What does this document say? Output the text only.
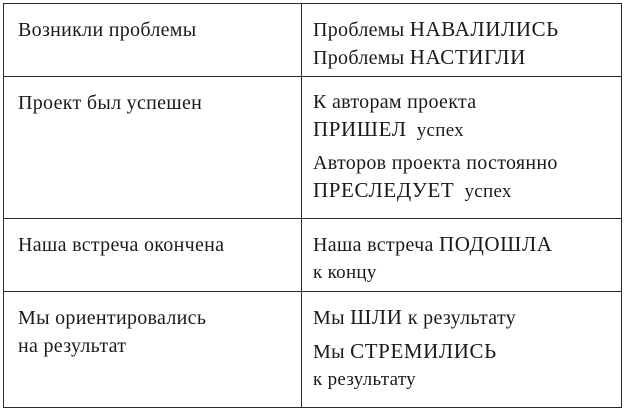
Возникли проблемы	Проблемы НАВАЛИЛИСЬ
Проблемы НАСТИГЛИ

Проект был успешен	К авторам проекта
ПРИШЕЛ  успех
Авторов проекта постоянно
ПРЕСЛЕДУЕТ  успех

Наша встреча окончена	Наша встреча ПОДОШЛА
к концу

Мы ориентировались
на результат	Мы ШЛИ к результату
Мы СТРЕМИЛИСЬ
к результату
